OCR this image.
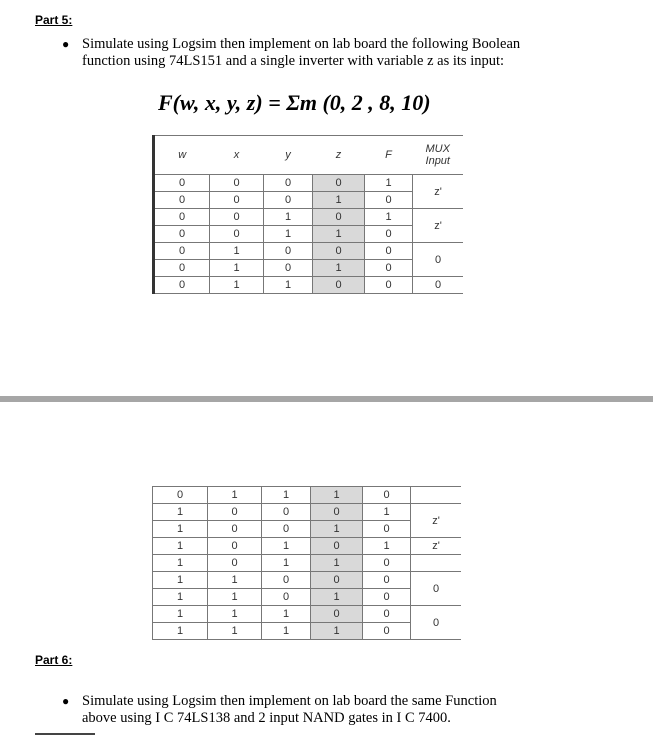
Part 5:
● Simulate using Logsim then implement on lab board the following Boolean
function using 74LS151 and a single inverter with variable z as its input:
F(w, x, y, z) = Σm (0, 2 , 8, 10)
w	x	y	z	F	MUX Input
0	0	0	0	1	z'
0	0	0	1	0	
0	0	1	0	1	z'
0	0	1	1	0	
0	1	0	0	0	0
0	1	0	1	0	
0	1	1	0	0	0
0	1	1	1	0	
1	0	0	0	1	z'
1	0	0	1	0	
1	0	1	0	1	z'
1	0	1	1	0	
1	1	0	0	0	0
1	1	0	1	0	
1	1	1	0	0	0
1	1	1	1	0	
Part 6:
● Simulate using Logsim then implement on lab board the same Function
above using I C 74LS138 and 2 input NAND gates in I C 7400.
